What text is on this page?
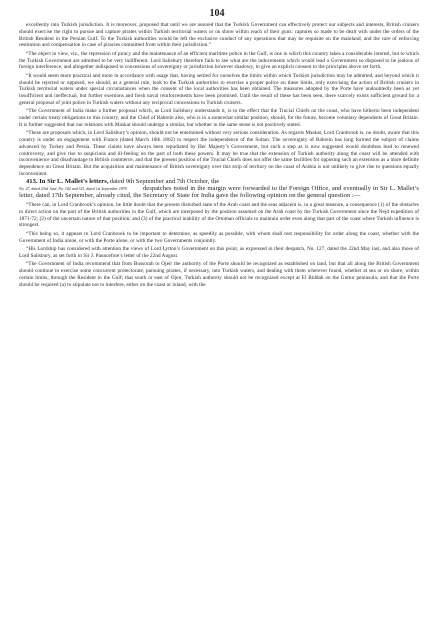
104

excellently into Turkish jurisdiction. It is moreover, proposed that until we are assured that the Turkish Government can effectively protect our subjects and interests, British cruisers should exercise the right to pursue and capture pirates within Turkish territorial waters or on shore within reach of their guns: captures so made to be dealt with under the orders of the British Resident in the Persian Gulf. To the Turkish authorities would be left the exclusive conduct of any operations that may be requisite on the mainland, and the care of enforcing restitution and compensation in case of piracies committed from within their jurisdiction.”

“The object in view, viz., the repression of piracy and the maintenance of an efficient maritime police in the Gulf, is one in which this country takes a considerable interest, but to which the Turkish Government are admitted to be very indifferent. Lord Salisbury therefore fails to see what are the inducements which would lead a Government so disposed to be jealous of foreign interference, and altogether indisposed to concessions of sovereignty or jurisdiction however shadowy, to give an explicit consent to the principles above set forth.

“It would seem more practical and more in accordance with usage that, having settled for ourselves the limits within which Turkish jurisdiction may be admitted, and beyond which it should be rejected or opposed, we should, as a general rule, look to the Turkish authorities to exercise a proper police on these limits, only exercising the action of British cruisers in Turkish territorial waters under special circumstances when the consent of the local authorities has been obtained. The measures adopted by the Porte have undoubtedly been as yet insufficient and ineffectual, but further exertions and fresh naval reinforcements have been promised. Until the result of these has been seen, there scarcely exists sufficient ground for a general proposal of joint police in Turkish waters without any reciprocal concessions to Turkish cruisers.

“The Government of India make a further proposal which, as Lord Salisbury understands it, is to the effect that the Trucial Chiefs on the coast, who have hitherto been independent under certain treaty obligations to this country, and the Chief of Bahrein also, who is in a somewhat similar position, should, for the future, become voluntary dependents of Great Britain. It is further suggested that our relations with Maskat should undergo a similar, but whether in the same sense is not positively stated.

“These are proposals which, in Lord Salisbury’s opinion, should not be entertained without very serious consideration. As regards Maskat, Lord Cranbrook is, no doubt, aware that this country is under an engagement with France (dated March 10th 1862) to respect the independence of the Sultan. The sovereignty of Bahrein has long formed the subject of claims advanced by Turkey and Persia. These claims have always been repudiated by Her Majesty’s Government, but such a step as is now suggested would doubtless lead to renewed controversy, and give rise to suspicions and ill-feeling on the part of both these powers. It may be true that the extension of Turkish authority along the coast will be attended with inconvenience and disadvantage to British commerce, and that the present position of the Trucial Chiefs does not offer the same facilities for opposing such an extension as a more definite dependence on Great Britain. But the acquisition and maintenance of British sovereignty over this strip of territory on the coast of Arabia is not unlikely to give rise to questions equally inconvenient.

413. In Sir L. Mallet’s letters, dated 9th September and 7th October, the
No. 27, dated 23rd June, No. 102 and 321, dated 1st September 1879.	despatches noted in the margin were forwarded to the Foreign Office, and eventually in Sir L. Mallet’s letter, dated 17th September, already cited, the Secretary of State for India gave the following opinion on the general question :—

“There can, in Lord Cranbrook’s opinion, be little doubt that the present disturbed state of the Arab coast and the seas adjacent is, in a great measure, a consequence (1) of the obstacles to direct action on the part of the British authorities in the Gulf, which are interposed by the position assumed on the Arab coast by the Turkish Government since the Nejd expedition of 1871-72; (2) of the uncertain nature of that position; and (3) of the practical inability of the Ottoman officials to maintain order even along that part of the coast where Turkish influence is strongest.

“This being so, it appears to Lord Cranbrook to be important to determine, as speedily as possible, with whom shall rest responsibility for order along the coast, whether with the Government of India alone, or with the Porte alone, or with the two Governments conjointly.

“His Lordship has considered with attention the views of Lord Lytton’s Government on this point, as expressed in their despatch, No. 127, dated the 22nd May last, and also those of Lord Salisbury, as set forth in Sir J. Pauncefote’s letter of the 22nd August.

“The Government of India recommend that from Bussorah to Ojeir the authority of the Porte should be recognized as established on land, but that all along the British Government should continue to exercise some concurrent protectorate, pursuing pirates, if necessary, into Turkish waters, and dealing with them wherever found, whether at sea or on shore, within certain limits, through the Resident in the Gulf; that south or east of Ojeir, Turkish authority should not be recognized except at El Biddah on the Guttur peninsula; and that the Porte should be required (a) to stipulate not to interfere, either on the coast or inland, with the
